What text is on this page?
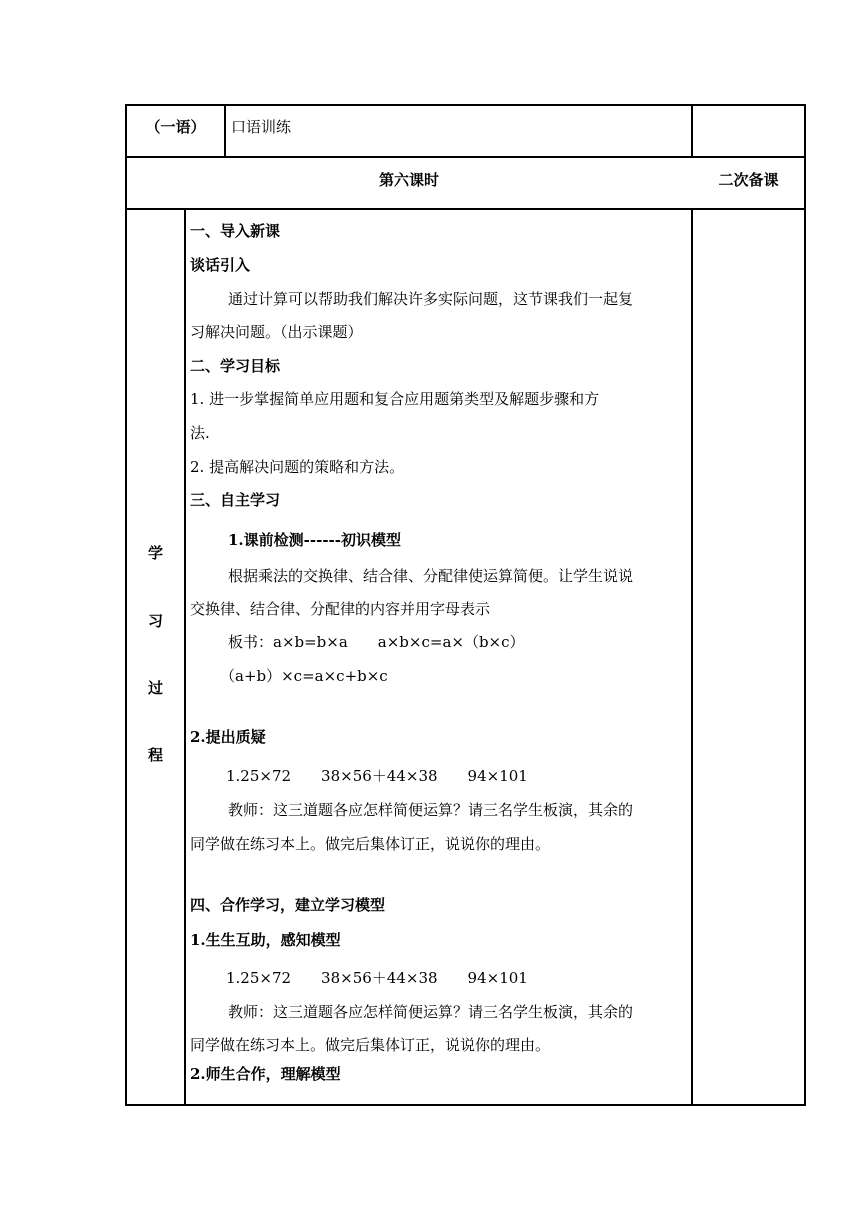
（一语）	口语训练
第六课时	二次备课
学
习
过
程
一、导入新课
谈话引入
通过计算可以帮助我们解决许多实际问题，这节课我们一起复
习解决问题。（出示课题）
二、学习目标
1. 进一步掌握简单应用题和复合应用题第类型及解题步骤和方
法.
2. 提高解决问题的策略和方法。
三、自主学习
1.课前检测------初识模型
根据乘法的交换律、结合律、分配律使运算简便。让学生说说
交换律、结合律、分配律的内容并用字母表示
板书：a×b=b×a　　a×b×c=a×（b×c）
（a+b）×c=a×c+b×c
2.提出质疑
1.25×72　　38×56＋44×38　　94×101
教师：这三道题各应怎样简便运算？请三名学生板演，其余的
同学做在练习本上。做完后集体订正，说说你的理由。
四、合作学习，建立学习模型
1.生生互助，感知模型
1.25×72　　38×56＋44×38　　94×101
教师：这三道题各应怎样简便运算？请三名学生板演，其余的
同学做在练习本上。做完后集体订正，说说你的理由。
2.师生合作，理解模型
